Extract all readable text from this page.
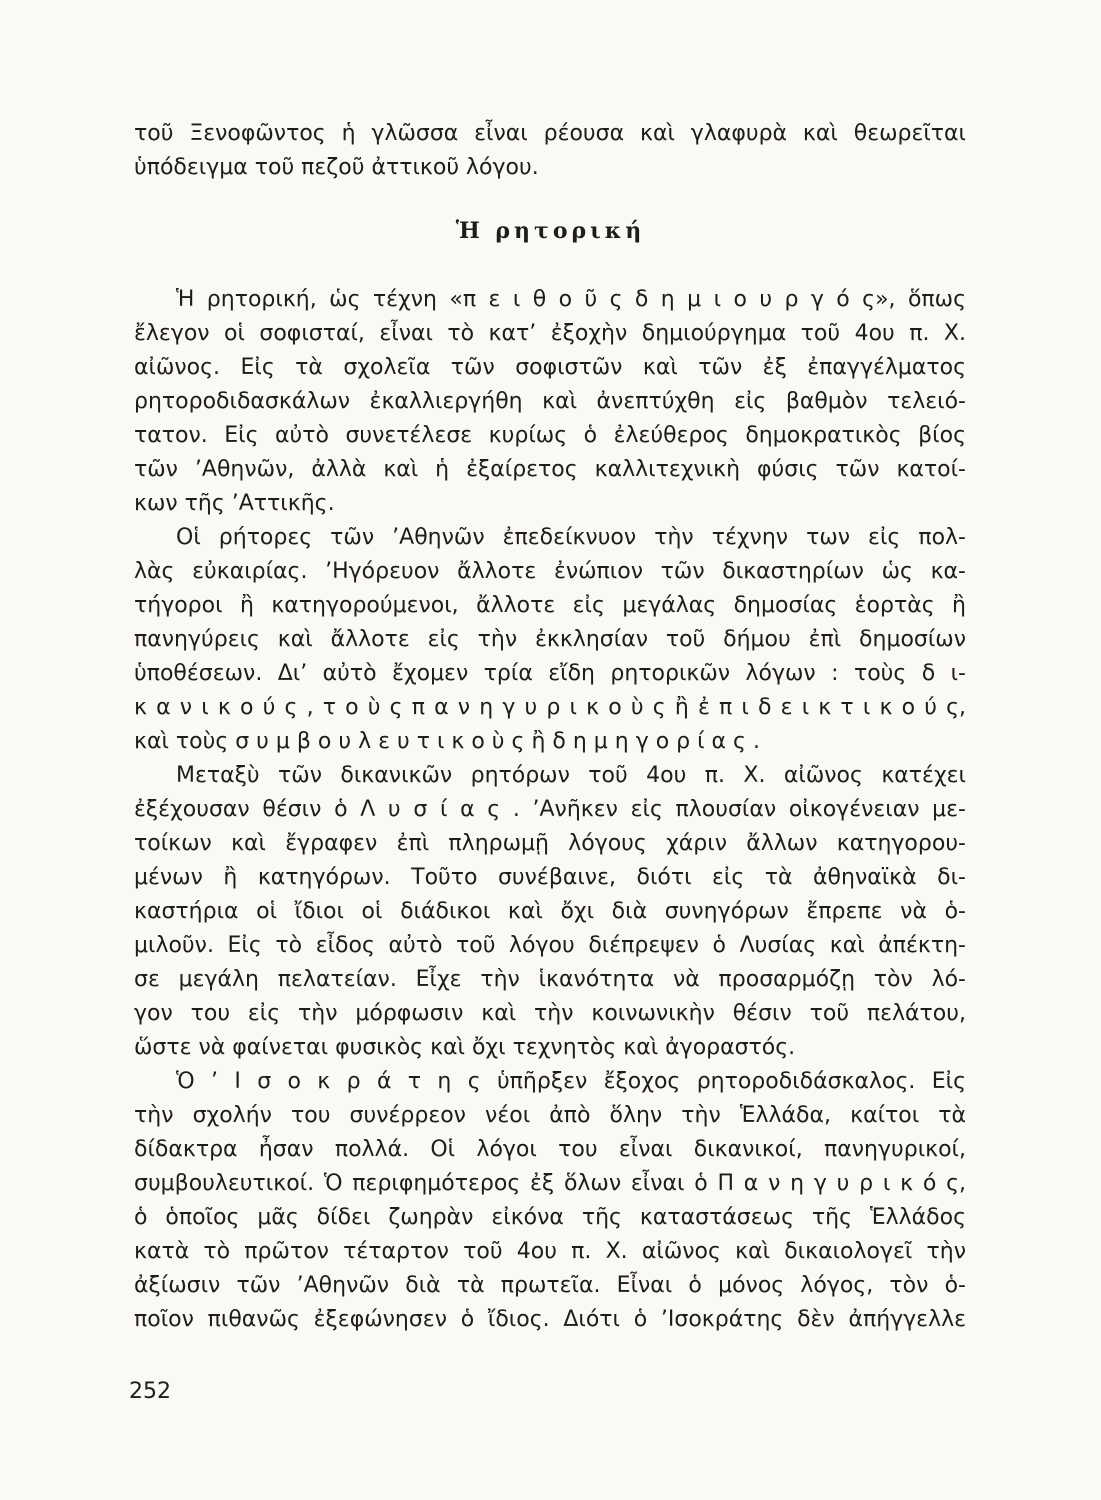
τοῦ Ξενοφῶντος ἡ γλῶσσα εἶναι ρέουσα καὶ γλαφυρὰ καὶ θεωρεῖται
ὑπόδειγμα τοῦ πεζοῦ ἀττικοῦ λόγου.
Ἡ ρητορική
Ἡ ρητορική, ὡς τέχνη «π ε ι θ ο ῦ ς δ η μ ι ο υ ρ γ ό ς», ὅπως
ἔλεγον οἱ σοφισταί, εἶναι τὸ κατ’ ἐξοχὴν δημιούργημα τοῦ 4ου π. Χ.
αἰῶνος. Εἰς τὰ σχολεῖα τῶν σοφιστῶν καὶ τῶν ἐξ ἐπαγγέλματος
ρητοροδιδασκάλων ἐκαλλιεργήθη καὶ ἀνεπτύχθη εἰς βαθμὸν τελειό-
τατον. Εἰς αὐτὸ συνετέλεσε κυρίως ὁ ἐλεύθερος δημοκρατικὸς βίος
τῶν ’Αθηνῶν, ἀλλὰ καὶ ἡ ἐξαίρετος καλλιτεχνικὴ φύσις τῶν κατοί-
κων τῆς ’Αττικῆς.
Οἱ ρήτορες τῶν ’Αθηνῶν ἐπεδείκνυον τὴν τέχνην των εἰς πολ-
λὰς εὐκαιρίας. ’Ηγόρευον ἄλλοτε ἐνώπιον τῶν δικαστηρίων ὡς κα-
τήγοροι ἢ κατηγορούμενοι, ἄλλοτε εἰς μεγάλας δημοσίας ἑορτὰς ἢ
πανηγύρεις καὶ ἄλλοτε εἰς τὴν ἐκκλησίαν τοῦ δήμου ἐπὶ δημοσίων
ὑποθέσεων. Δι’ αὐτὸ ἔχομεν τρία εἴδη ρητορικῶν λόγων : τοὺς δ ι-
κ α ν ι κ ο ύ ς , τ ο ὺ ς π α ν η γ υ ρ ι κ ο ὺ ς ἢ ἐ π ι δ ε ι κ τ ι κ ο ύ ς,
καὶ τοὺς σ υ μ β ο υ λ ε υ τ ι κ ο ὺ ς ἢ δ η μ η γ ο ρ ί α ς .
Μεταξὺ τῶν δικανικῶν ρητόρων τοῦ 4ου π. Χ. αἰῶνος κατέχει
ἐξέχουσαν θέσιν ὁ Λ υ σ ί α ς . ’Ανῆκεν εἰς πλουσίαν οἰκογένειαν με-
τοίκων καὶ ἔγραφεν ἐπὶ πληρωμῇ λόγους χάριν ἄλλων κατηγορου-
μένων ἢ κατηγόρων. Τοῦτο συνέβαινε, διότι εἰς τὰ ἀθηναϊκὰ δι-
καστήρια οἱ ἴδιοι οἱ διάδικοι καὶ ὄχι διὰ συνηγόρων ἔπρεπε νὰ ὁ-
μιλοῦν. Εἰς τὸ εἶδος αὐτὸ τοῦ λόγου διέπρεψεν ὁ Λυσίας καὶ ἀπέκτη-
σε μεγάλη πελατείαν. Εἶχε τὴν ἱκανότητα νὰ προσαρμόζῃ τὸν λό-
γον του εἰς τὴν μόρφωσιν καὶ τὴν κοινωνικὴν θέσιν τοῦ πελάτου,
ὥστε νὰ φαίνεται φυσικὸς καὶ ὄχι τεχνητὸς καὶ ἀγοραστός.
Ὁ ’ Ι σ ο κ ρ ά τ η ς ὑπῆρξεν ἔξοχος ρητοροδιδάσκαλος. Εἰς
τὴν σχολήν του συνέρρεον νέοι ἀπὸ ὅλην τὴν Ἑλλάδα, καίτοι τὰ
δίδακτρα ἦσαν πολλά. Οἱ λόγοι του εἶναι δικανικοί, πανηγυρικοί,
συμβουλευτικοί. Ὁ περιφημότερος ἐξ ὅλων εἶναι ὁ Π α ν η γ υ ρ ι κ ό ς,
ὁ ὁποῖος μᾶς δίδει ζωηρὰν εἰκόνα τῆς καταστάσεως τῆς Ἑλλάδος
κατὰ τὸ πρῶτον τέταρτον τοῦ 4ου π. Χ. αἰῶνος καὶ δικαιολογεῖ τὴν
ἀξίωσιν τῶν ’Αθηνῶν διὰ τὰ πρωτεῖα. Εἶναι ὁ μόνος λόγος, τὸν ὁ-
ποῖον πιθανῶς ἐξεφώνησεν ὁ ἴδιος. Διότι ὁ ’Ισοκράτης δὲν ἀπήγγελλε
252
